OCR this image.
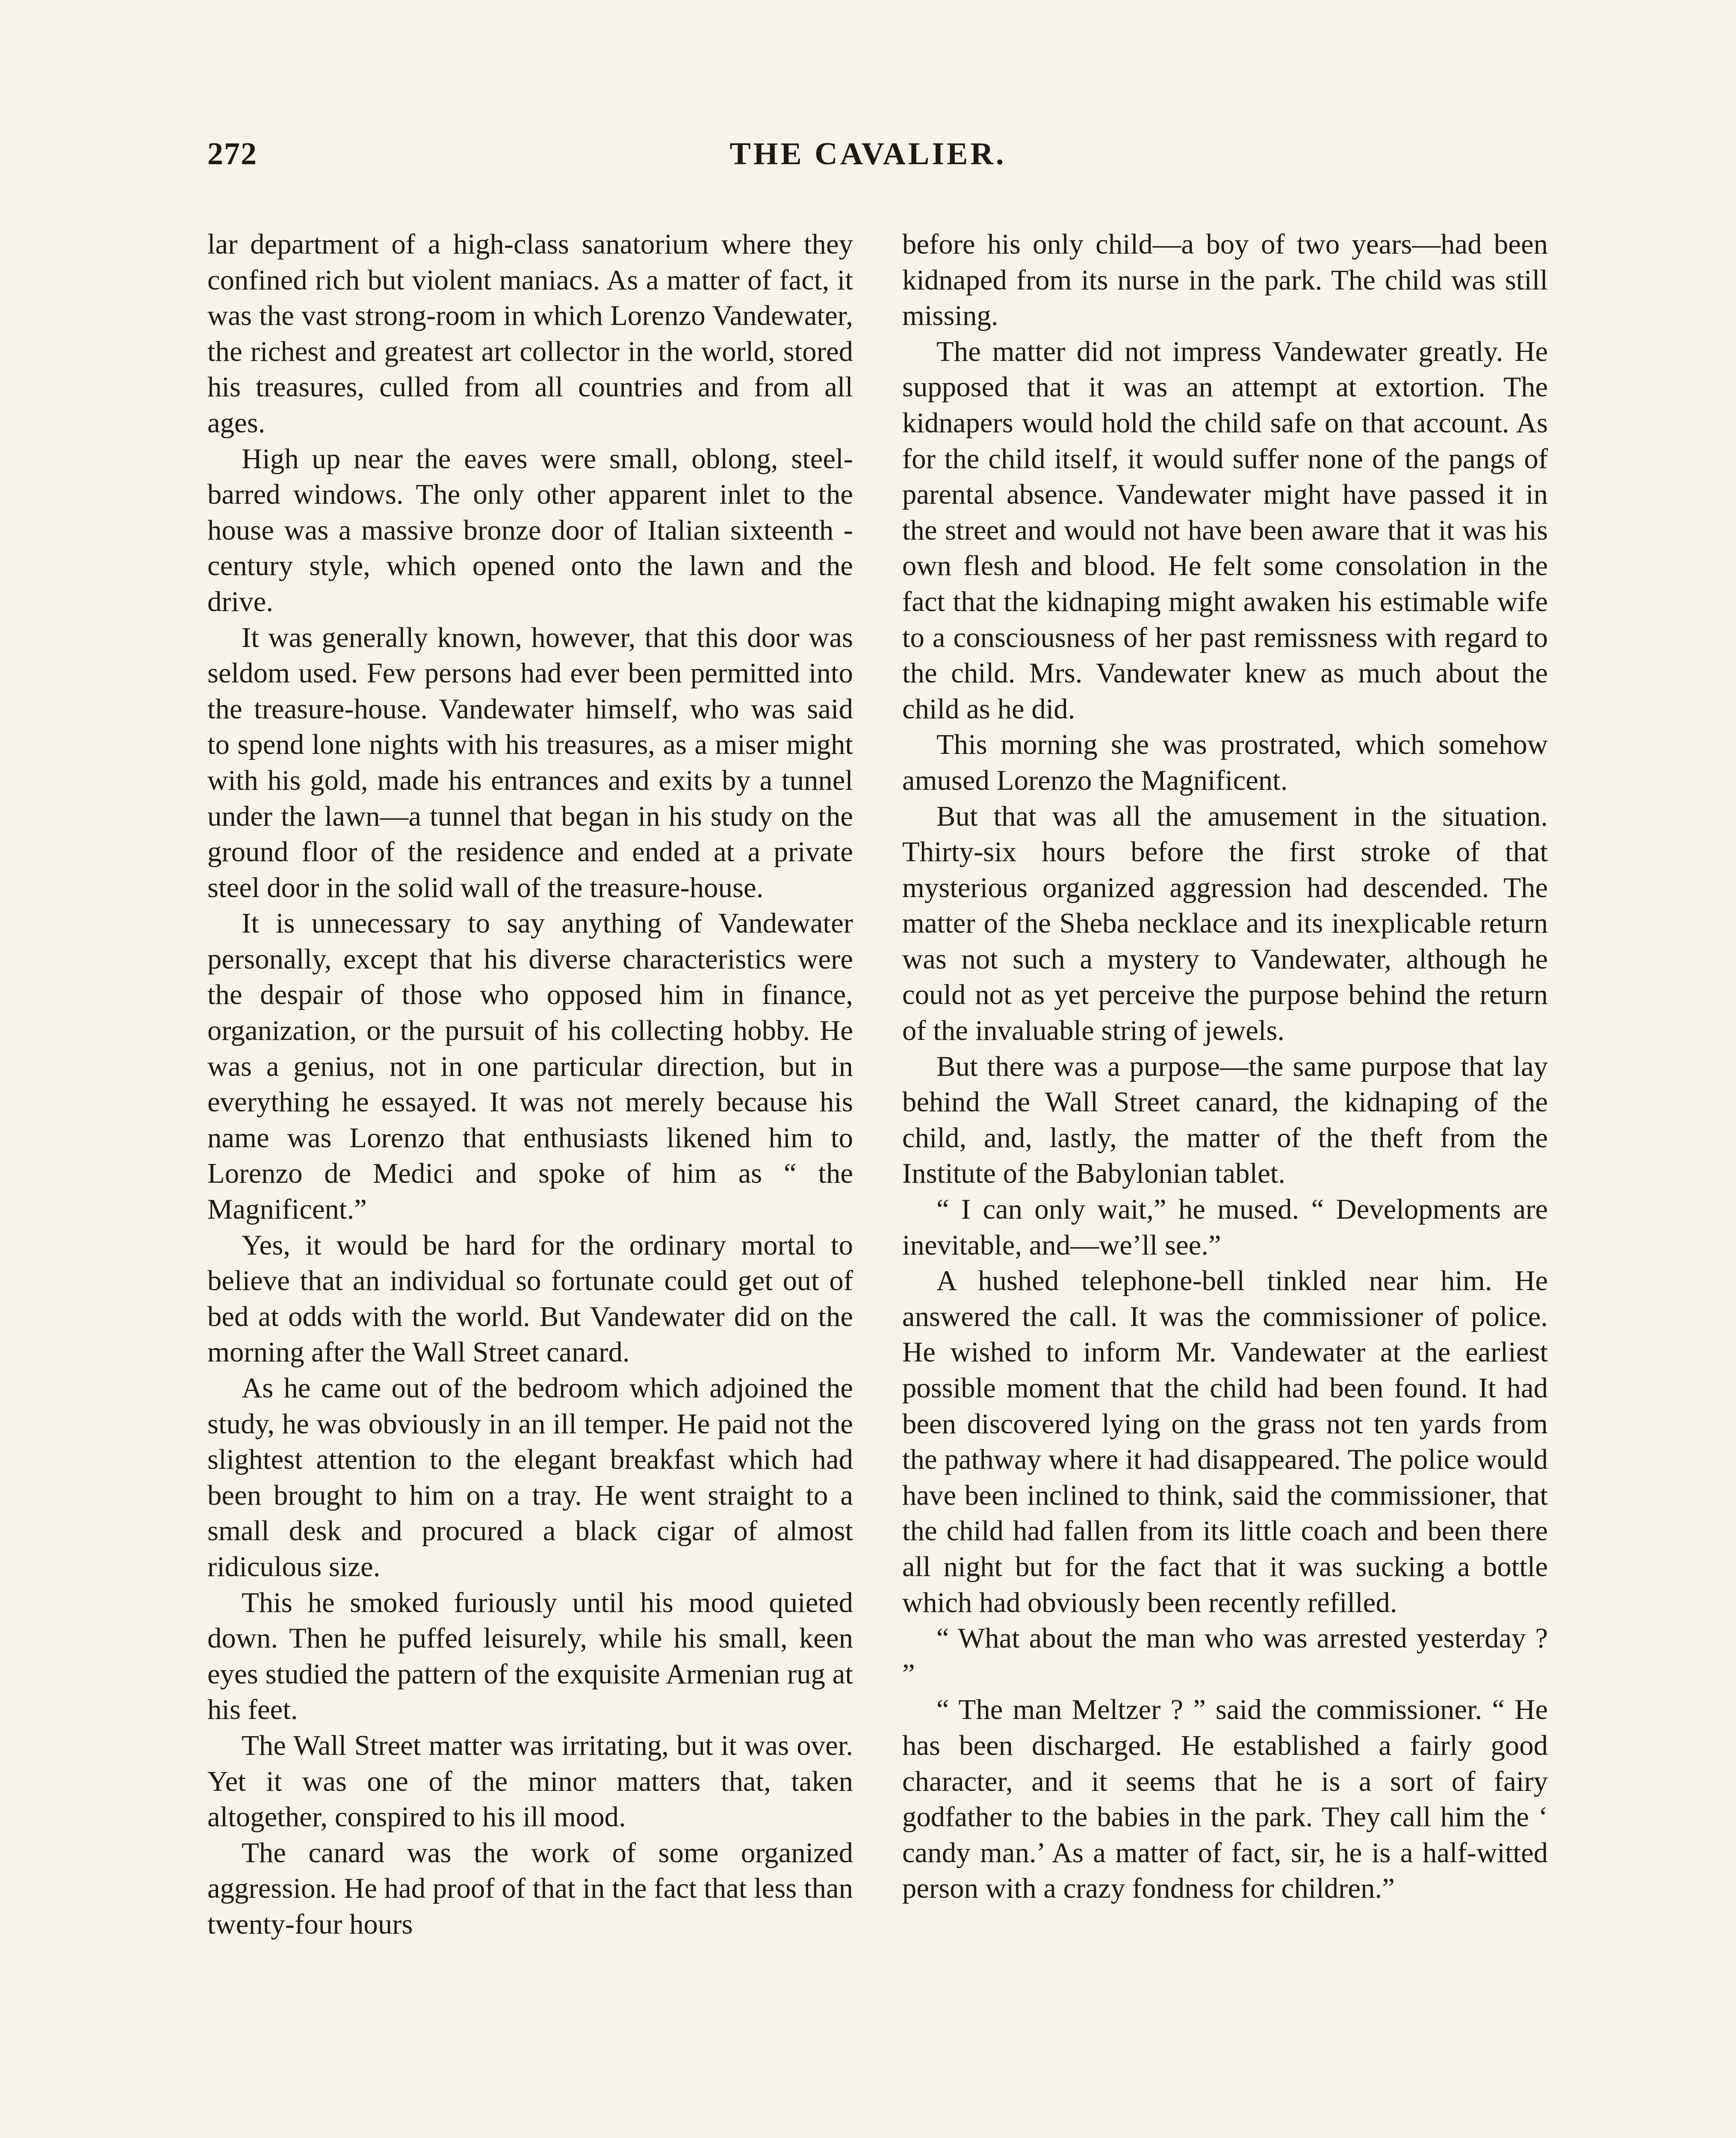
272	THE CAVALIER.

lar department of a high-class sanatorium where they confined rich but violent maniacs. As a matter of fact, it was the vast strong-room in which Lorenzo Vandewater, the richest and greatest art collector in the world, stored his treasures, culled from all countries and from all ages.

High up near the eaves were small, oblong, steel-barred windows. The only other apparent inlet to the house was a massive bronze door of Italian sixteenth - century style, which opened onto the lawn and the drive.

It was generally known, however, that this door was seldom used. Few persons had ever been permitted into the treasure-house. Vandewater himself, who was said to spend lone nights with his treasures, as a miser might with his gold, made his entrances and exits by a tunnel under the lawn—a tunnel that began in his study on the ground floor of the residence and ended at a private steel door in the solid wall of the treasure-house.

It is unnecessary to say anything of Vandewater personally, except that his diverse characteristics were the despair of those who opposed him in finance, organization, or the pursuit of his collecting hobby. He was a genius, not in one particular direction, but in everything he essayed. It was not merely because his name was Lorenzo that enthusiasts likened him to Lorenzo de Medici and spoke of him as “ the Magnificent.”

Yes, it would be hard for the ordinary mortal to believe that an individual so fortunate could get out of bed at odds with the world. But Vandewater did on the morning after the Wall Street canard.

As he came out of the bedroom which adjoined the study, he was obviously in an ill temper. He paid not the slightest attention to the elegant breakfast which had been brought to him on a tray. He went straight to a small desk and procured a black cigar of almost ridiculous size.

This he smoked furiously until his mood quieted down. Then he puffed leisurely, while his small, keen eyes studied the pattern of the exquisite Armenian rug at his feet.

The Wall Street matter was irritating, but it was over. Yet it was one of the minor matters that, taken altogether, conspired to his ill mood.

The canard was the work of some organized aggression. He had proof of that in the fact that less than twenty-four hours

before his only child—a boy of two years—had been kidnaped from its nurse in the park. The child was still missing.

The matter did not impress Vandewater greatly. He supposed that it was an attempt at extortion. The kidnapers would hold the child safe on that account. As for the child itself, it would suffer none of the pangs of parental absence. Vandewater might have passed it in the street and would not have been aware that it was his own flesh and blood. He felt some consolation in the fact that the kidnaping might awaken his estimable wife to a consciousness of her past remissness with regard to the child. Mrs. Vandewater knew as much about the child as he did.

This morning she was prostrated, which somehow amused Lorenzo the Magnificent.

But that was all the amusement in the situation. Thirty-six hours before the first stroke of that mysterious organized aggression had descended. The matter of the Sheba necklace and its inexplicable return was not such a mystery to Vandewater, although he could not as yet perceive the purpose behind the return of the invaluable string of jewels.

But there was a purpose—the same purpose that lay behind the Wall Street canard, the kidnaping of the child, and, lastly, the matter of the theft from the Institute of the Babylonian tablet.

“ I can only wait,” he mused. “ Developments are inevitable, and—we’ll see.”

A hushed telephone-bell tinkled near him. He answered the call. It was the commissioner of police. He wished to inform Mr. Vandewater at the earliest possible moment that the child had been found. It had been discovered lying on the grass not ten yards from the pathway where it had disappeared. The police would have been inclined to think, said the commissioner, that the child had fallen from its little coach and been there all night but for the fact that it was sucking a bottle which had obviously been recently refilled.

“ What about the man who was arrested yesterday ? ”

“ The man Meltzer ? ” said the commissioner. “ He has been discharged. He established a fairly good character, and it seems that he is a sort of fairy godfather to the babies in the park. They call him the ‘ candy man.’ As a matter of fact, sir, he is a half-witted person with a crazy fondness for children.”
